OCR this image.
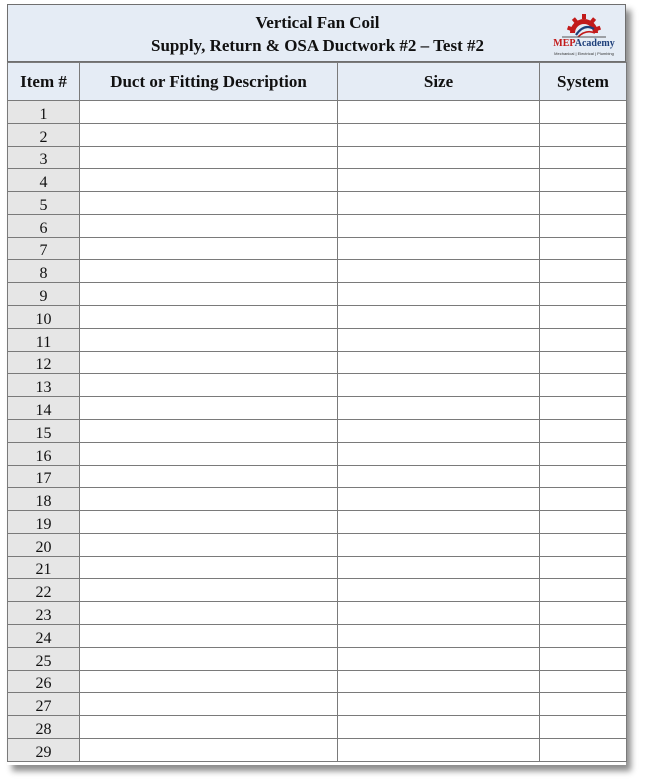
Vertical Fan Coil
Supply, Return & OSA Ductwork #2 – Test #2	MEPAcademy
Mechanical | Electrical | Plumbing
Item #	Duct or Fitting Description	Size	System
1			
2			
3			
4			
5			
6			
7			
8			
9			
10			
11			
12			
13			
14			
15			
16			
17			
18			
19			
20			
21			
22			
23			
24			
25			
26			
27			
28			
29			
